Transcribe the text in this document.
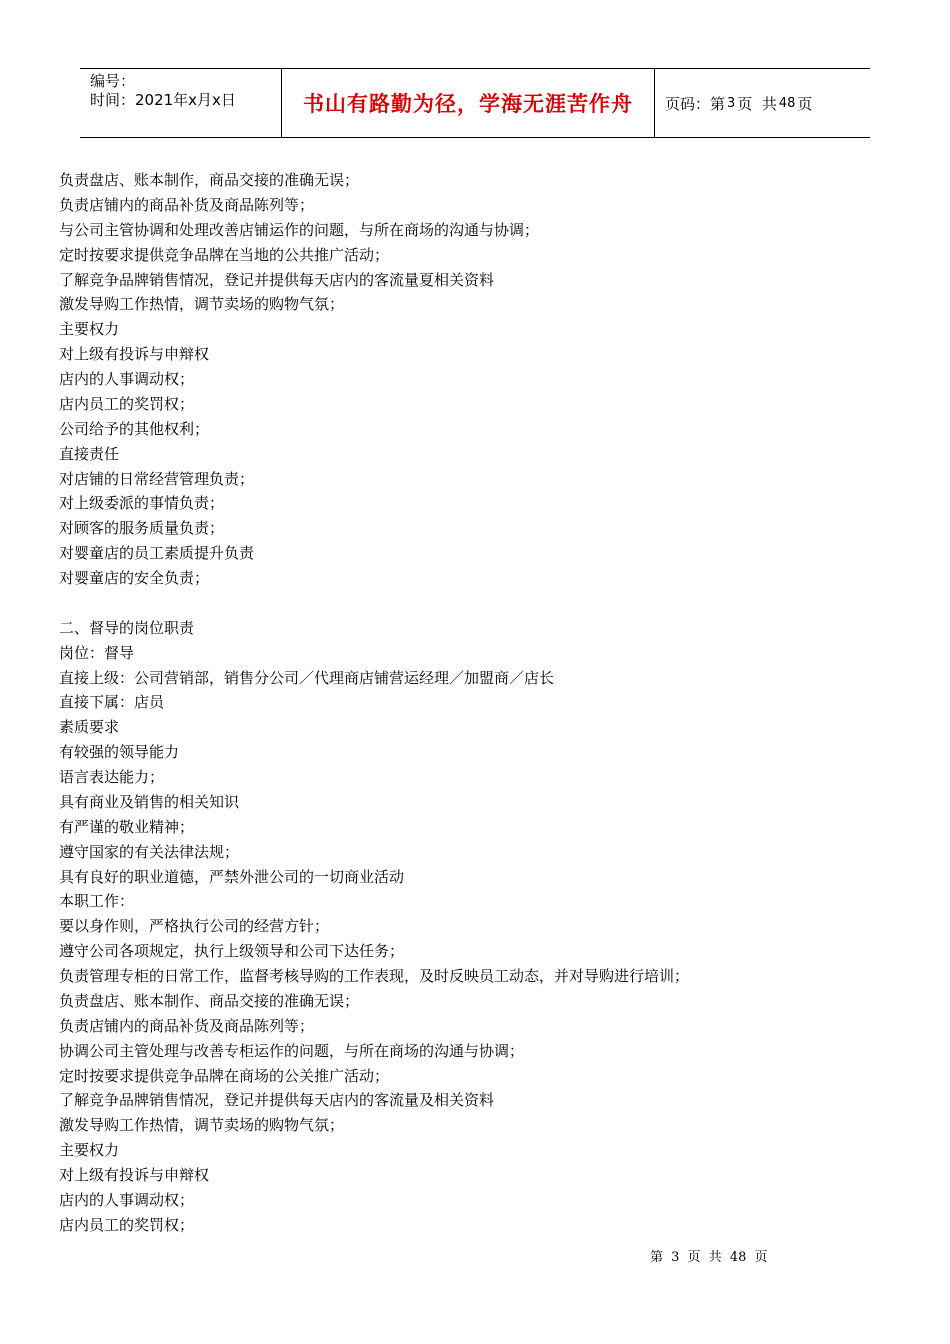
编号：
时间：2021年x月x日	书山有路勤为径，学海无涯苦作舟	页码：第 3 页  共 48 页
负责盘店、账本制作，商品交接的准确无误；
负责店铺内的商品补货及商品陈列等；
与公司主管协调和处理改善店铺运作的问题，与所在商场的沟通与协调；
定时按要求提供竞争品牌在当地的公共推广活动；
了解竞争品牌销售情况，登记并提供每天店内的客流量夏相关资料
激发导购工作热情，调节卖场的购物气氛；
主要权力
对上级有投诉与申辩权
店内的人事调动权；
店内员工的奖罚权；
公司给予的其他权利；
直接责任
对店铺的日常经营管理负责；
对上级委派的事情负责；
对顾客的服务质量负责；
对婴童店的员工素质提升负责
对婴童店的安全负责；
二、督导的岗位职责
岗位：督导
直接上级：公司营销部，销售分公司／代理商店铺营运经理／加盟商／店长
直接下属：店员
素质要求
有较强的领导能力
语言表达能力；
具有商业及销售的相关知识
有严谨的敬业精神；
遵守国家的有关法律法规；
具有良好的职业道德，严禁外泄公司的一切商业活动
本职工作：
要以身作则，严格执行公司的经营方针；
遵守公司各项规定，执行上级领导和公司下达任务；
负责管理专柜的日常工作，监督考核导购的工作表现，及时反映员工动态，并对导购进行培训；
负责盘店、账本制作、商品交接的准确无误；
负责店铺内的商品补货及商品陈列等；
协调公司主管处理与改善专柜运作的问题，与所在商场的沟通与协调；
定时按要求提供竞争品牌在商场的公关推广活动；
了解竞争品牌销售情况，登记并提供每天店内的客流量及相关资料
激发导购工作热情，调节卖场的购物气氛；
主要权力
对上级有投诉与申辩权
店内的人事调动权；
店内员工的奖罚权；
第 3 页 共 48 页
